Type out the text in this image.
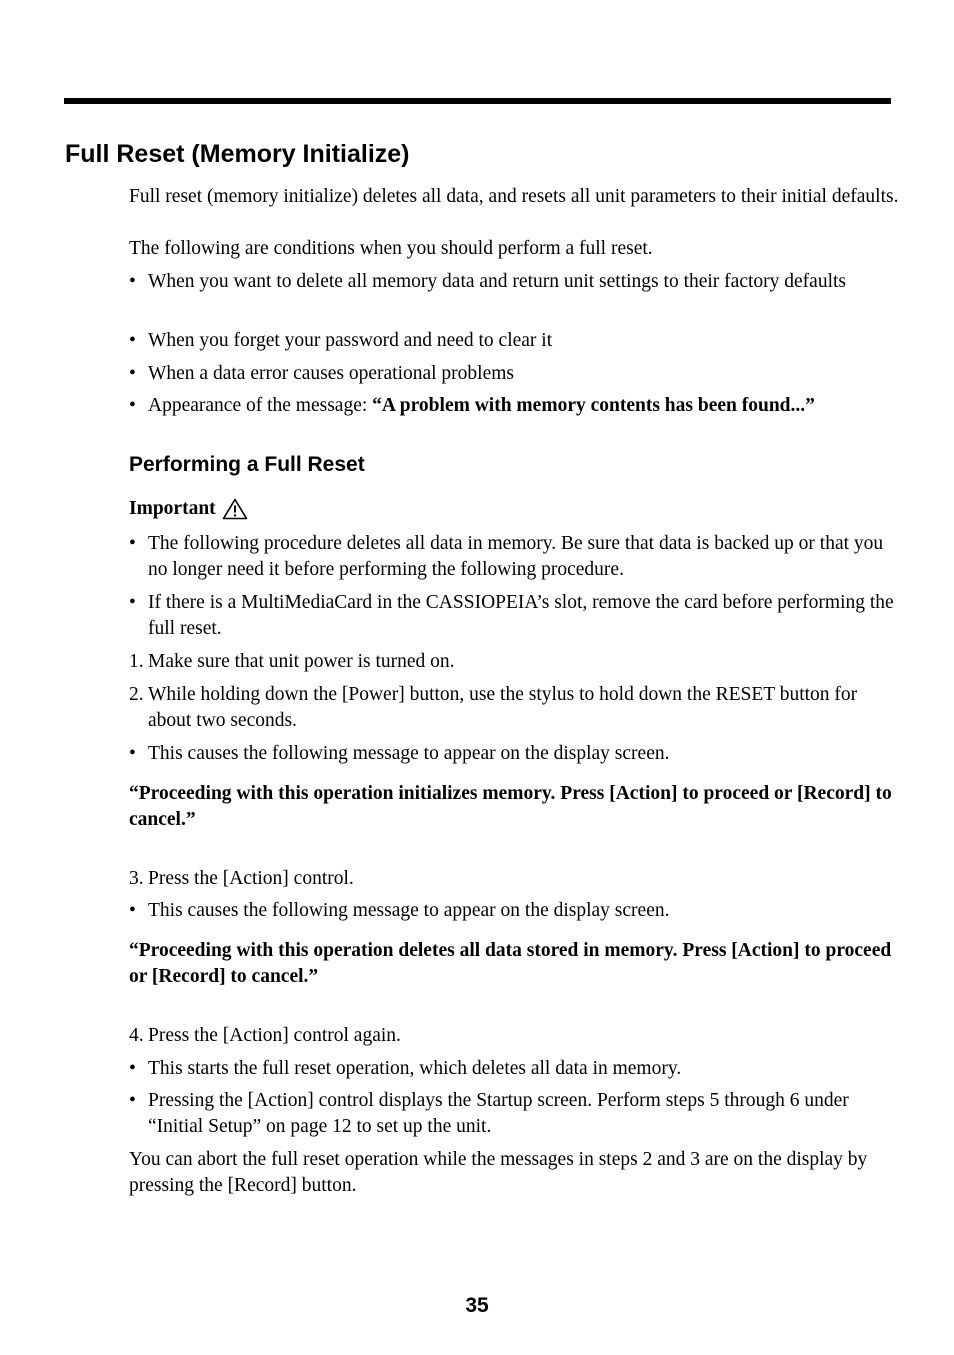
Full Reset (Memory Initialize)

Full reset (memory initialize) deletes all data, and resets all unit parameters to their initial defaults.

The following are conditions when you should perform a full reset.

• When you want to delete all memory data and return unit settings to their factory defaults
• When you forget your password and need to clear it
• When a data error causes operational problems
• Appearance of the message: “A problem with memory contents has been found...”
Performing a Full Reset
Important
• The following procedure deletes all data in memory. Be sure that data is backed up or that you no longer need it before performing the following procedure.
• If there is a MultiMediaCard in the CASSIOPEIA’s slot, remove the card before performing the full reset.
1. Make sure that unit power is turned on.
2. While holding down the [Power] button, use the stylus to hold down the RESET button for about two seconds.
• This causes the following message to appear on the display screen.

“Proceeding with this operation initializes memory. Press [Action] to proceed or [Record] to cancel.”

3. Press the [Action] control.
• This causes the following message to appear on the display screen.

“Proceeding with this operation deletes all data stored in memory. Press [Action] to proceed or [Record] to cancel.”

4. Press the [Action] control again.
• This starts the full reset operation, which deletes all data in memory.
• Pressing the [Action] control displays the Startup screen. Perform steps 5 through 6 under “Initial Setup” on page 12 to set up the unit.

You can abort the full reset operation while the messages in steps 2 and 3 are on the display by pressing the [Record] button.

35
